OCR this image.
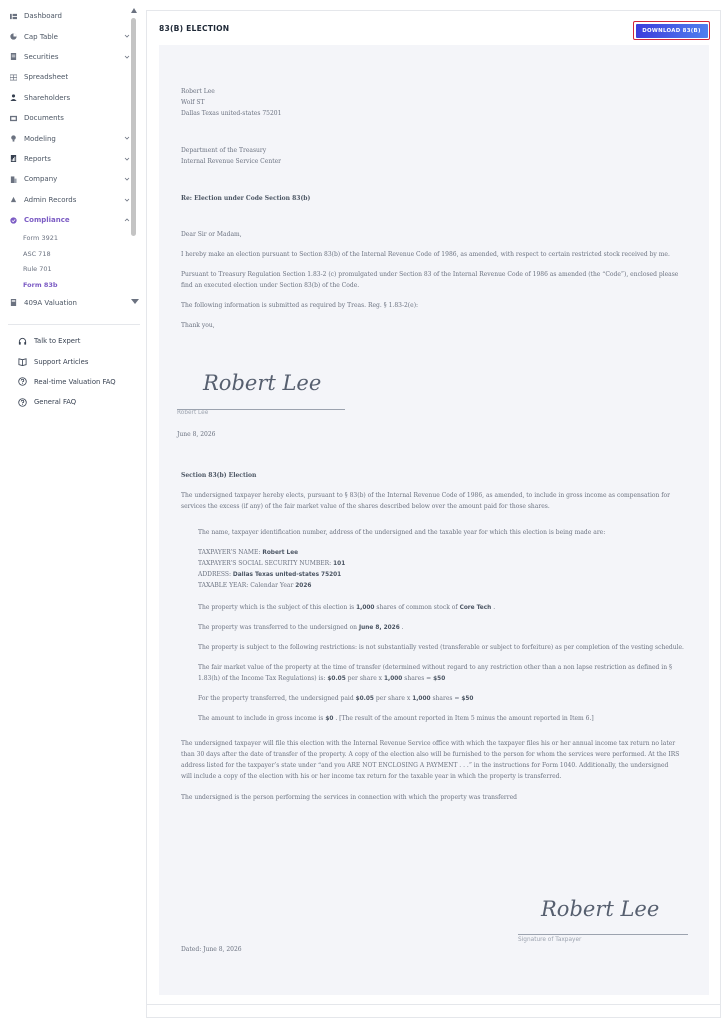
Dashboard
Cap Table
Securities
Spreadsheet
Shareholders
Documents
Modeling
Reports
Company
Admin Records
Compliance
Form 3921
ASC 718
Rule 701
Form 83b
409A Valuation
Talk to Expert
Support Articles
Real-time Valuation FAQ
General FAQ
83(B) ELECTION	DOWNLOAD 83(B)
Robert Lee
Wolf ST
Dallas Texas united-states 75201
Department of the Treasury
Internal Revenue Service Center
Re: Election under Code Section 83(b)
Dear Sir or Madam,
I hereby make an election pursuant to Section 83(b) of the Internal Revenue Code of 1986, as amended, with respect to certain restricted stock received by me.
Pursuant to Treasury Regulation Section 1.83-2 (c) promulgated under Section 83 of the Internal Revenue Code of 1986 as amended (the “Code”), enclosed please
find an executed election under Section 83(b) of the Code.
The following information is submitted as required by Treas. Reg. § 1.83-2(e):
Thank you,
Robert Lee
Robert Lee
June 8, 2026
Section 83(b) Election
The undersigned taxpayer hereby elects, pursuant to § 83(b) of the Internal Revenue Code of 1986, as amended, to include in gross income as compensation for
services the excess (if any) of the fair market value of the shares described below over the amount paid for those shares.
The name, taxpayer identification number, address of the undersigned and the taxable year for which this election is being made are:
TAXPAYER’S NAME: Robert Lee
TAXPAYER’S SOCIAL SECURITY NUMBER: 101
ADDRESS: Dallas Texas united-states 75201
TAXABLE YEAR: Calendar Year 2026
The property which is the subject of this election is 1,000 shares of common stock of Core Tech .
The property was transferred to the undersigned on June 8, 2026 .
The property is subject to the following restrictions: is not substantially vested (transferable or subject to forfeiture) as per completion of the vesting schedule.
The fair market value of the property at the time of transfer (determined without regard to any restriction other than a non lapse restriction as defined in §
1.83(h) of the Income Tax Regulations) is: $0.05 per share x 1,000 shares = $50
For the property transferred, the undersigned paid $0.05 per share x 1,000 shares = $50
The amount to include in gross income is $0 . [The result of the amount reported in Item 5 minus the amount reported in Item 6.]
The undersigned taxpayer will file this election with the Internal Revenue Service office with which the taxpayer files his or her annual income tax return no later
than 30 days after the date of transfer of the property. A copy of the election also will be furnished to the person for whom the services were performed. At the IRS
address listed for the taxpayer’s state under “and you ARE NOT ENCLOSING A PAYMENT . . .” in the instructions for Form 1040. Additionally, the undersigned
will include a copy of the election with his or her income tax return for the taxable year in which the property is transferred.
The undersigned is the person performing the services in connection with which the property was transferred
Robert Lee
Signature of Taxpayer
Dated: June 8, 2026
